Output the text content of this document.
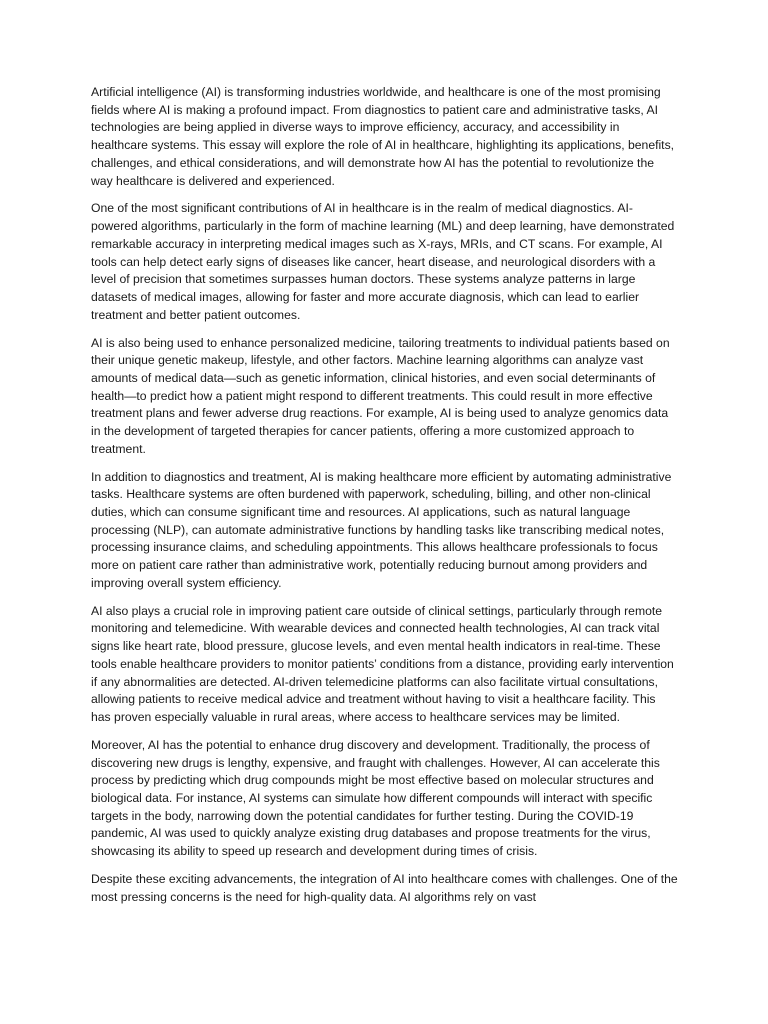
Artificial intelligence (AI) is transforming industries worldwide, and healthcare is one of the most promising fields where AI is making a profound impact. From diagnostics to patient care and administrative tasks, AI technologies are being applied in diverse ways to improve efficiency, accuracy, and accessibility in healthcare systems. This essay will explore the role of AI in healthcare, highlighting its applications, benefits, challenges, and ethical considerations, and will demonstrate how AI has the potential to revolutionize the way healthcare is delivered and experienced.

One of the most significant contributions of AI in healthcare is in the realm of medical diagnostics. AI-powered algorithms, particularly in the form of machine learning (ML) and deep learning, have demonstrated remarkable accuracy in interpreting medical images such as X-rays, MRIs, and CT scans. For example, AI tools can help detect early signs of diseases like cancer, heart disease, and neurological disorders with a level of precision that sometimes surpasses human doctors. These systems analyze patterns in large datasets of medical images, allowing for faster and more accurate diagnosis, which can lead to earlier treatment and better patient outcomes.

AI is also being used to enhance personalized medicine, tailoring treatments to individual patients based on their unique genetic makeup, lifestyle, and other factors. Machine learning algorithms can analyze vast amounts of medical data—such as genetic information, clinical histories, and even social determinants of health—to predict how a patient might respond to different treatments. This could result in more effective treatment plans and fewer adverse drug reactions. For example, AI is being used to analyze genomics data in the development of targeted therapies for cancer patients, offering a more customized approach to treatment.

In addition to diagnostics and treatment, AI is making healthcare more efficient by automating administrative tasks. Healthcare systems are often burdened with paperwork, scheduling, billing, and other non-clinical duties, which can consume significant time and resources. AI applications, such as natural language processing (NLP), can automate administrative functions by handling tasks like transcribing medical notes, processing insurance claims, and scheduling appointments. This allows healthcare professionals to focus more on patient care rather than administrative work, potentially reducing burnout among providers and improving overall system efficiency.

AI also plays a crucial role in improving patient care outside of clinical settings, particularly through remote monitoring and telemedicine. With wearable devices and connected health technologies, AI can track vital signs like heart rate, blood pressure, glucose levels, and even mental health indicators in real-time. These tools enable healthcare providers to monitor patients’ conditions from a distance, providing early intervention if any abnormalities are detected. AI-driven telemedicine platforms can also facilitate virtual consultations, allowing patients to receive medical advice and treatment without having to visit a healthcare facility. This has proven especially valuable in rural areas, where access to healthcare services may be limited.

Moreover, AI has the potential to enhance drug discovery and development. Traditionally, the process of discovering new drugs is lengthy, expensive, and fraught with challenges. However, AI can accelerate this process by predicting which drug compounds might be most effective based on molecular structures and biological data. For instance, AI systems can simulate how different compounds will interact with specific targets in the body, narrowing down the potential candidates for further testing. During the COVID-19 pandemic, AI was used to quickly analyze existing drug databases and propose treatments for the virus, showcasing its ability to speed up research and development during times of crisis.

Despite these exciting advancements, the integration of AI into healthcare comes with challenges. One of the most pressing concerns is the need for high-quality data. AI algorithms rely on vast
